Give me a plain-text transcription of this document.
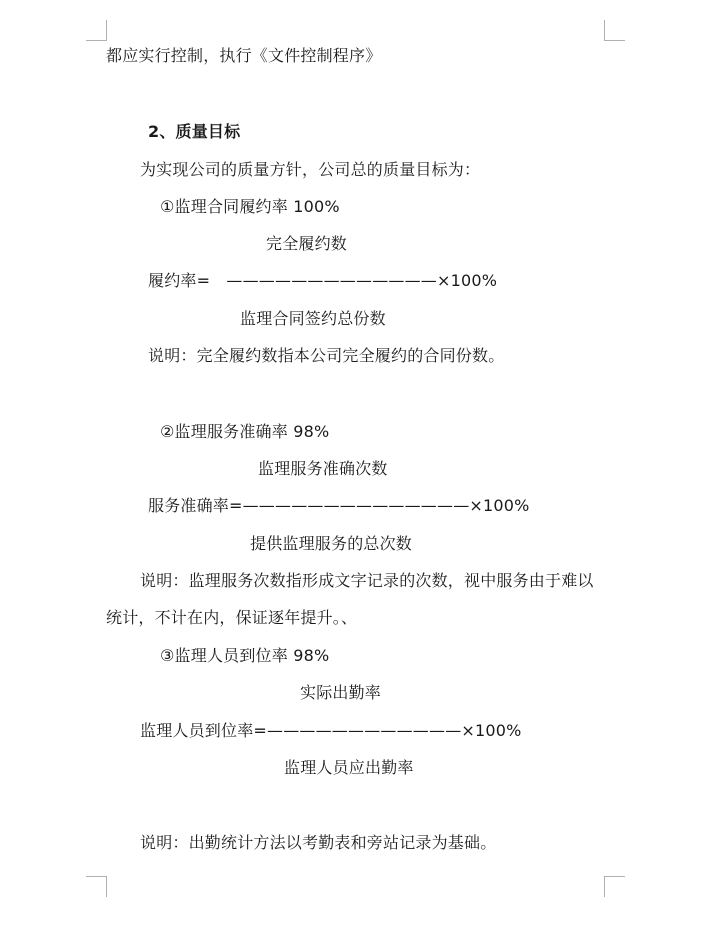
都应实行控制，执行《文件控制程序》
2、质量目标
为实现公司的质量方针，公司总的质量目标为：
①监理合同履约率 100%
完全履约数
履约率=　—————————————×100%
监理合同签约总份数
说明：完全履约数指本公司完全履约的合同份数。
②监理服务准确率 98%
监理服务准确次数
服务准确率=——————————————×100%
提供监理服务的总次数
说明：监理服务次数指形成文字记录的次数，视中服务由于难以
统计，不计在内，保证逐年提升。、
③监理人员到位率 98%
实际出勤率
监理人员到位率=————————————×100%
监理人员应出勤率
说明：出勤统计方法以考勤表和旁站记录为基础。
